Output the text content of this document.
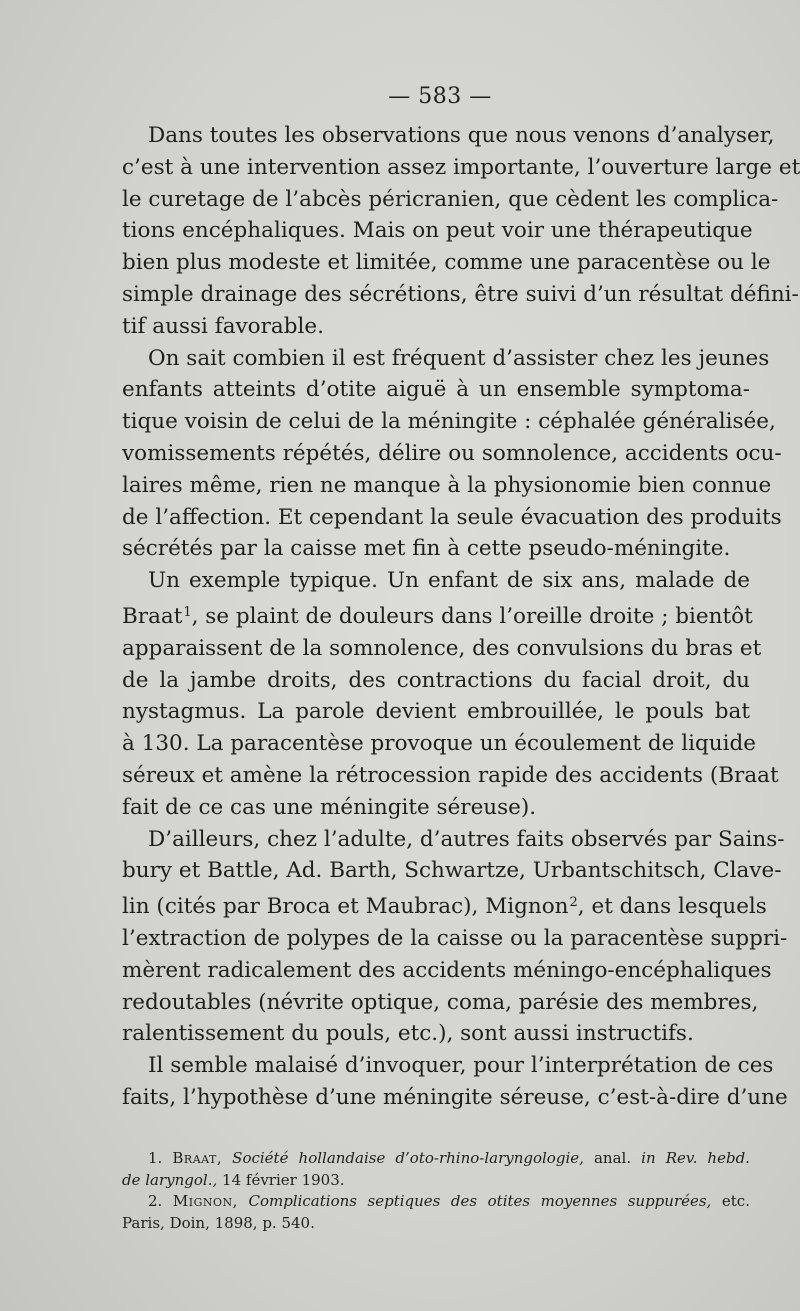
— 583 —

Dans toutes les observations que nous venons d’analyser,
c’est à une intervention assez importante, l’ouverture large et
le curetage de l’abcès péricranien, que cèdent les complica-
tions encéphaliques. Mais on peut voir une thérapeutique
bien plus modeste et limitée, comme une paracentèse ou le
simple drainage des sécrétions, être suivi d’un résultat défini-
tif aussi favorable.

On sait combien il est fréquent d’assister chez les jeunes
enfants atteints d’otite aiguë à un ensemble symptoma-
tique voisin de celui de la méningite : céphalée généralisée,
vomissements répétés, délire ou somnolence, accidents ocu-
laires même, rien ne manque à la physionomie bien connue
de l’affection. Et cependant la seule évacuation des produits
sécrétés par la caisse met fin à cette pseudo-méningite.

Un exemple typique. Un enfant de six ans, malade de
Braat$^1$, se plaint de douleurs dans l’oreille droite ; bientôt
apparaissent de la somnolence, des convulsions du bras et
de la jambe droits, des contractions du facial droit, du
nystagmus. La parole devient embrouillée, le pouls bat
à 130. La paracentèse provoque un écoulement de liquide
séreux et amène la rétrocession rapide des accidents (Braat
fait de ce cas une méningite séreuse).

D’ailleurs, chez l’adulte, d’autres faits observés par Sains-
bury et Battle, Ad. Barth, Schwartze, Urbantschitsch, Clave-
lin (cités par Broca et Maubrac), Mignon$^2$, et dans lesquels
l’extraction de polypes de la caisse ou la paracentèse suppri-
mèrent radicalement des accidents méningo-encéphaliques
redoutables (névrite optique, coma, parésie des membres,
ralentissement du pouls, etc.), sont aussi instructifs.

Il semble malaisé d’invoquer, pour l’interprétation de ces
faits, l’hypothèse d’une méningite séreuse, c’est-à-dire d’une

1. Braat, Société hollandaise d’oto-rhino-laryngologie, anal. in Rev. hebd.
de laryngol., 14 février 1903.
2. Mignon, Complications septiques des otites moyennes suppurées, etc.
Paris, Doin, 1898, p. 540.
